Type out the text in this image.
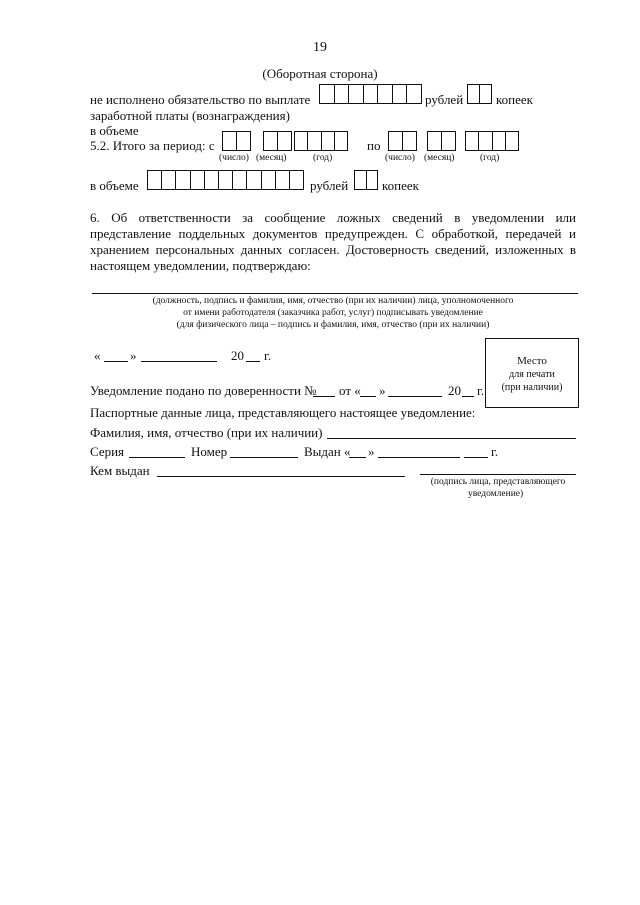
19
(Оборотная сторона)
не исполнено обязательство по выплате	рублей	копеек
заработной платы (вознаграждения)
в объеме
5.2. Итого за период: с	по
(число) (месяц)	(год)	(число) (месяц)	(год)
в объеме	рублей	копеек
6. Об ответственности за сообщение ложных сведений в уведомлении или представление поддельных документов предупрежден. С обработкой, передачей и хранением персональных данных согласен. Достоверность сведений, изложенных в настоящем уведомлении, подтверждаю:
(должность, подпись и фамилия, имя, отчество (при их наличии) лица, уполномоченного
от имени работодателя (заказчика работ, услуг) подписывать уведомление
(для физического лица – подпись и фамилия, имя, отчество (при их наличии)
« »	20 г.	Место
для печати
(при наличии)
Уведомление подано по доверенности № от « »	20 г.
Паспортные данные лица, представляющего настоящее уведомление:
Фамилия, имя, отчество (при их наличии)
Серия	Номер	Выдан « »	г.
Кем выдан
(подпись лица, представляющего
уведомление)
